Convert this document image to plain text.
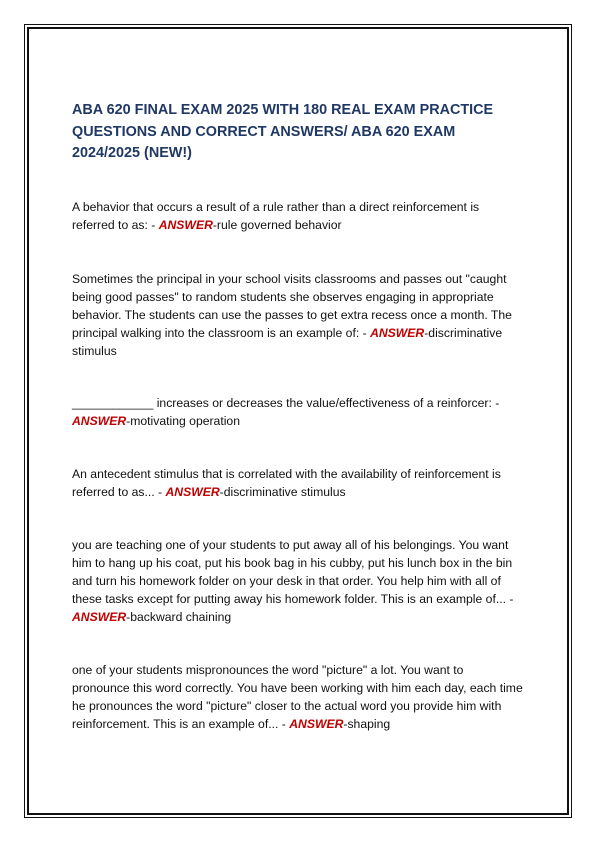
ABA 620 FINAL EXAM 2025 WITH 180 REAL EXAM PRACTICE QUESTIONS AND CORRECT ANSWERS/ ABA 620 EXAM 2024/2025 (NEW!)

A behavior that occurs a result of a rule rather than a direct reinforcement is referred to as: - ANSWER-rule governed behavior

Sometimes the principal in your school visits classrooms and passes out "caught being good passes" to random students she observes engaging in appropriate behavior. The students can use the passes to get extra recess once a month. The principal walking into the classroom is an example of: - ANSWER-discriminative stimulus

____________ increases or decreases the value/effectiveness of a reinforcer: - ANSWER-motivating operation

An antecedent stimulus that is correlated with the availability of reinforcement is referred to as... - ANSWER-discriminative stimulus

you are teaching one of your students to put away all of his belongings. You want him to hang up his coat, put his book bag in his cubby, put his lunch box in the bin and turn his homework folder on your desk in that order. You help him with all of these tasks except for putting away his homework folder. This is an example of... - ANSWER-backward chaining

one of your students mispronounces the word "picture" a lot. You want to pronounce this word correctly. You have been working with him each day, each time he pronounces the word "picture" closer to the actual word you provide him with reinforcement. This is an example of... - ANSWER-shaping
